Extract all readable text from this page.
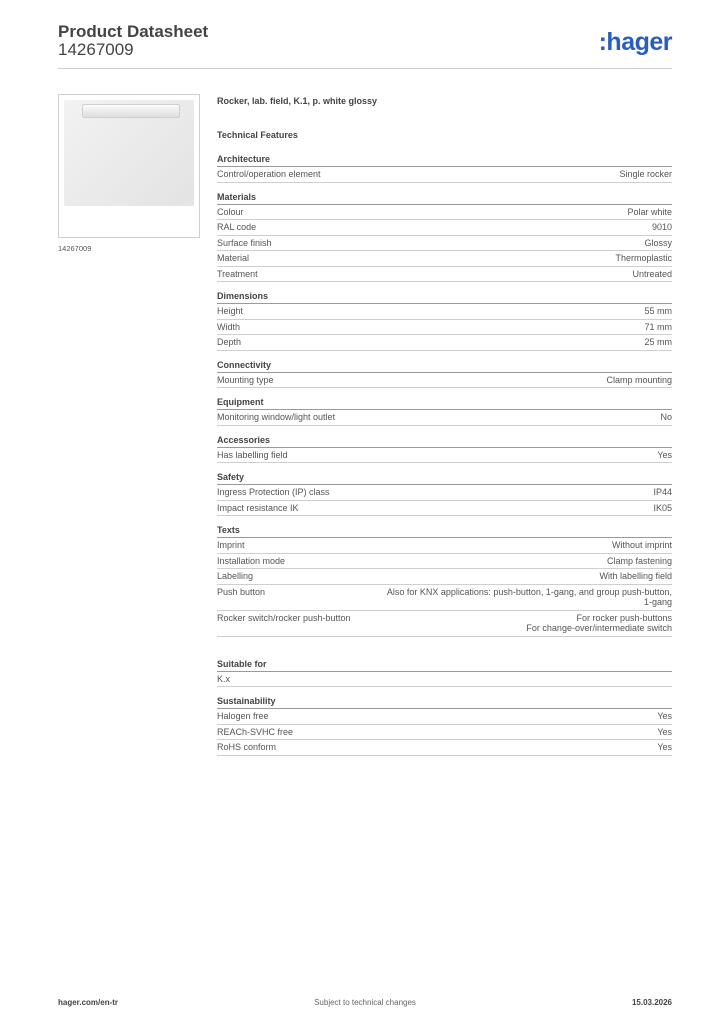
Product Datasheet
14267009	:hager
14267009
Rocker, lab. field, K.1, p. white glossy
Technical Features
Architecture
Control/operation element	Single rocker
Materials
Colour	Polar white
RAL code	9010
Surface finish	Glossy
Material	Thermoplastic
Treatment	Untreated
Dimensions
Height	55 mm
Width	71 mm
Depth	25 mm
Connectivity
Mounting type	Clamp mounting
Equipment
Monitoring window/light outlet	No
Accessories
Has labelling field	Yes
Safety
Ingress Protection (IP) class	IP44
Impact resistance IK	IK05
Texts
Imprint	Without imprint
Installation mode	Clamp fastening
Labelling	With labelling field
Push button	Also for KNX applications: push-button, 1-gang, and group push-button,
1-gang
Rocker switch/rocker push-button	For rocker push-buttons
For change-over/intermediate switch
Suitable for
K.x
Sustainability
Halogen free	Yes
REACh-SVHC free	Yes
RoHS conform	Yes
hager.com/en-tr	Subject to technical changes	15.03.2026
